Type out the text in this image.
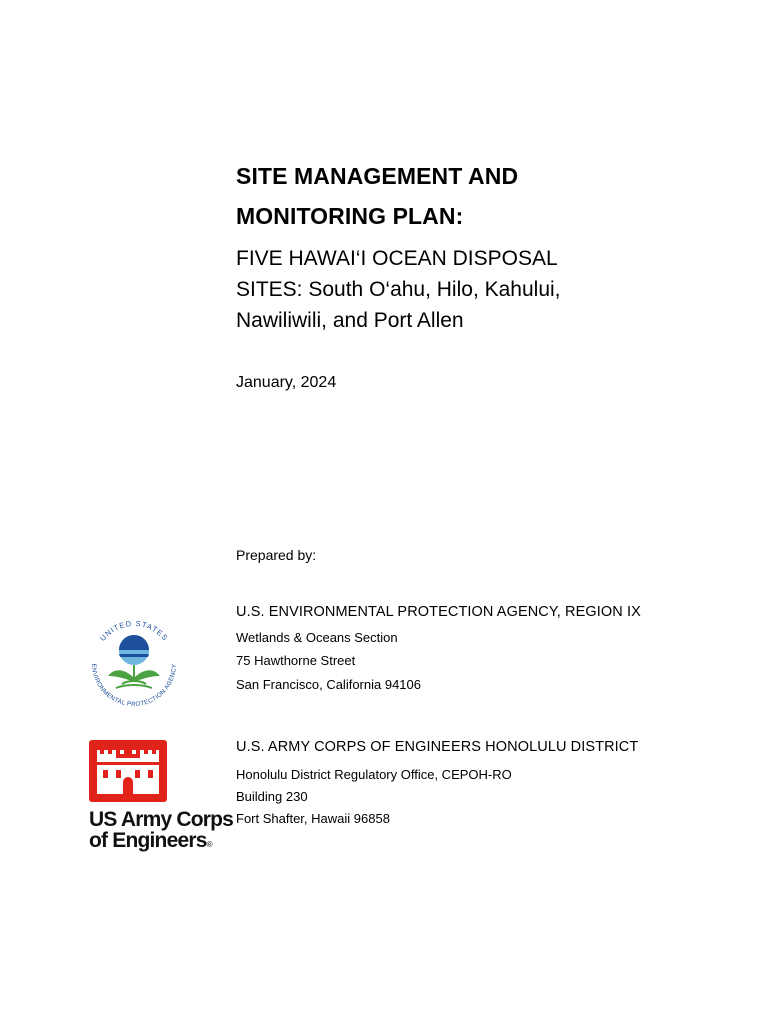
SITE MANAGEMENT AND
MONITORING PLAN:
FIVE HAWAI‘I OCEAN DISPOSAL
SITES: South O‘ahu, Hilo, Kahului,
Nawiliwili, and Port Allen
January, 2024
Prepared by:
UNITED STATES
ENVIRONMENTAL PROTECTION AGENCY
U.S. ENVIRONMENTAL PROTECTION AGENCY, REGION IX
Wetlands & Oceans Section
75 Hawthorne Street
San Francisco, California 94106
US Army Corps
of Engineers®
U.S. ARMY CORPS OF ENGINEERS HONOLULU DISTRICT
Honolulu District Regulatory Office, CEPOH-RO
Building 230
Fort Shafter, Hawaii 96858
